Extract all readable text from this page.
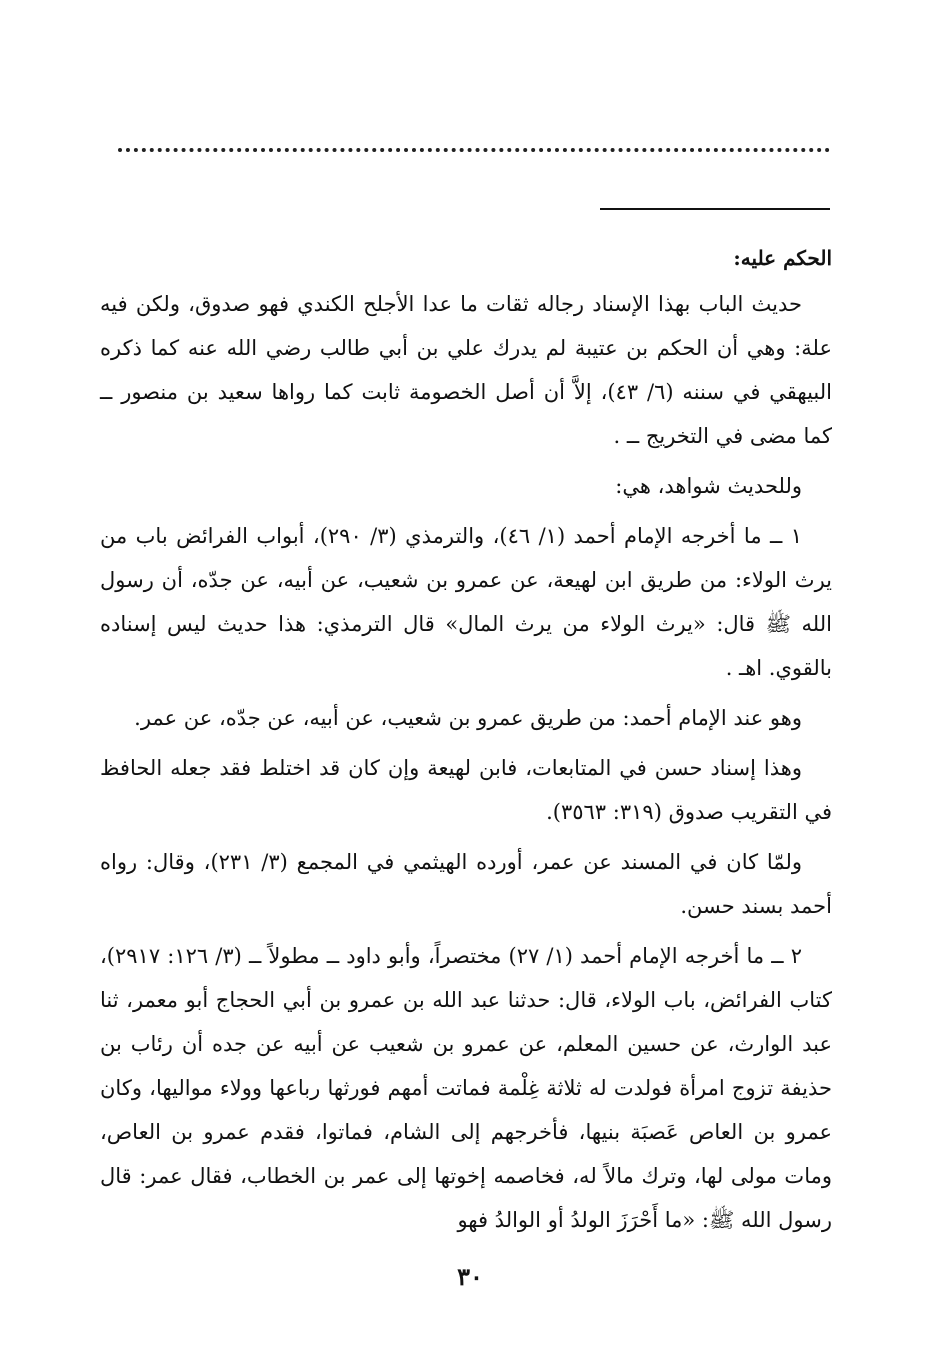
الحكم عليه:

حديث الباب بهذا الإسناد رجاله ثقات ما عدا الأجلح الكندي فهو صدوق، ولكن فيه علة: وهي أن الحكم بن عتيبة لم يدرك علي بن أبي طالب رضي الله عنه كما ذكره البيهقي في سننه (٦/ ٤٣)، إلاَّ أن أصل الخصومة ثابت كما رواها سعيد بن منصور ــ كما مضى في التخريج ــ .

وللحديث شواهد، هي:

١ ــ ما أخرجه الإمام أحمد (١/ ٤٦)، والترمذي (٣/ ٢٩٠)، أبواب الفرائض باب من يرث الولاء: من طريق ابن لهيعة، عن عمرو بن شعيب، عن أبيه، عن جدّه، أن رسول الله ﷺ قال: «يرث الولاء من يرث المال» قال الترمذي: هذا حديث ليس إسناده بالقوي. اهـ .

وهو عند الإمام أحمد: من طريق عمرو بن شعيب، عن أبيه، عن جدّه، عن عمر.

وهذا إسناد حسن في المتابعات، فابن لهيعة وإن كان قد اختلط فقد جعله الحافظ في التقريب صدوق (٣١٩: ٣٥٦٣).

ولمّا كان في المسند عن عمر، أورده الهيثمي في المجمع (٣/ ٢٣١)، وقال: رواه أحمد بسند حسن.

٢ ــ ما أخرجه الإمام أحمد (١/ ٢٧) مختصراً، وأبو داود ــ مطولاً ــ (٣/ ١٢٦: ٢٩١٧)، كتاب الفرائض، باب الولاء، قال: حدثنا عبد الله بن عمرو بن أبي الحجاج أبو معمر، ثنا عبد الوارث، عن حسين المعلم، عن عمرو بن شعيب عن أبيه عن جده أن رئاب بن حذيفة تزوج امرأة فولدت له ثلاثة غِلْمة فماتت أمهم فورثها رباعها وولاء مواليها، وكان عمرو بن العاص عَصبَة بنيها، فأخرجهم إلى الشام، فماتوا، فقدم عمرو بن العاص، ومات مولى لها، وترك مالاً له، فخاصمه إخوتها إلى عمر بن الخطاب، فقال عمر: قال رسول الله ﷺ: «ما أَحْرَزَ الولدُ أو الوالدُ فهو

٣٠
